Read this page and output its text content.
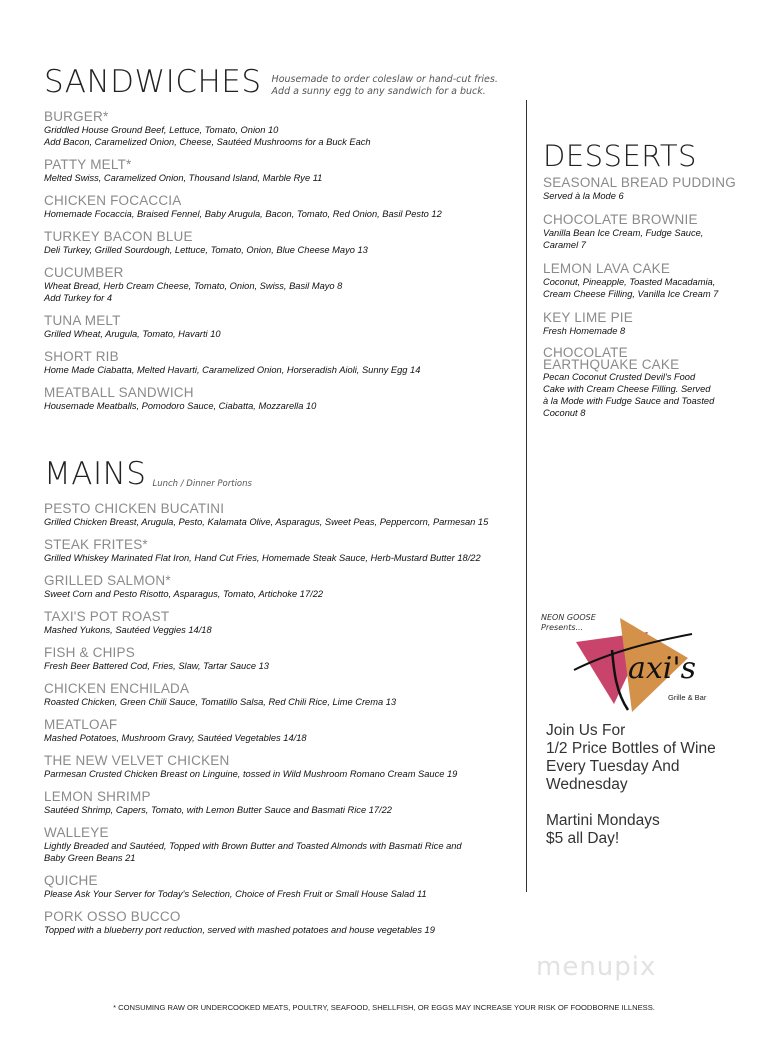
SANDWICHES Housemade to order coleslaw or hand-cut fries.
Add a sunny egg to any sandwich for a buck.
BURGER*
Griddled House Ground Beef, Lettuce, Tomato, Onion 10
Add Bacon, Caramelized Onion, Cheese, Sautéed Mushrooms for a Buck Each
PATTY MELT*
Melted Swiss, Caramelized Onion, Thousand Island, Marble Rye 11
CHICKEN FOCACCIA
Homemade Focaccia, Braised Fennel, Baby Arugula, Bacon, Tomato, Red Onion, Basil Pesto 12
TURKEY BACON BLUE
Deli Turkey, Grilled Sourdough, Lettuce, Tomato, Onion, Blue Cheese Mayo 13
CUCUMBER
Wheat Bread, Herb Cream Cheese, Tomato, Onion, Swiss, Basil Mayo 8
Add Turkey for 4
TUNA MELT
Grilled Wheat, Arugula, Tomato, Havarti 10
SHORT RIB
Home Made Ciabatta, Melted Havarti, Caramelized Onion, Horseradish Aioli, Sunny Egg 14
MEATBALL SANDWICH
Housemade Meatballs, Pomodoro Sauce, Ciabatta, Mozzarella 10
MAINS Lunch / Dinner Portions
PESTO CHICKEN BUCATINI
Grilled Chicken Breast, Arugula, Pesto, Kalamata Olive, Asparagus, Sweet Peas, Peppercorn, Parmesan 15
STEAK FRITES*
Grilled Whiskey Marinated Flat Iron, Hand Cut Fries, Homemade Steak Sauce, Herb-Mustard Butter 18/22
GRILLED SALMON*
Sweet Corn and Pesto Risotto, Asparagus, Tomato, Artichoke 17/22
TAXI'S POT ROAST
Mashed Yukons, Sautéed Veggies 14/18
FISH & CHIPS
Fresh Beer Battered Cod, Fries, Slaw, Tartar Sauce 13
CHICKEN ENCHILADA
Roasted Chicken, Green Chili Sauce, Tomatillo Salsa, Red Chili Rice, Lime Crema 13
MEATLOAF
Mashed Potatoes, Mushroom Gravy, Sautéed Vegetables 14/18
THE NEW VELVET CHICKEN
Parmesan Crusted Chicken Breast on Linguine, tossed in Wild Mushroom Romano Cream Sauce 19
LEMON SHRIMP
Sautéed Shrimp, Capers, Tomato, with Lemon Butter Sauce and Basmati Rice 17/22
WALLEYE
Lightly Breaded and Sautéed, Topped with Brown Butter and Toasted Almonds with Basmati Rice and
Baby Green Beans 21
QUICHE
Please Ask Your Server for Today's Selection, Choice of Fresh Fruit or Small House Salad 11
PORK OSSO BUCCO
Topped with a blueberry port reduction, served with mashed potatoes and house vegetables 19
DESSERTS
SEASONAL BREAD PUDDING
Served à la Mode 6
CHOCOLATE BROWNIE
Vanilla Bean Ice Cream, Fudge Sauce,
Caramel 7
LEMON LAVA CAKE
Coconut, Pineapple, Toasted Macadamia,
Cream Cheese Filling, Vanilla Ice Cream 7
KEY LIME PIE
Fresh Homemade 8
CHOCOLATE
EARTHQUAKE CAKE
Pecan Coconut Crusted Devil's Food
Cake with Cream Cheese Filling. Served
à la Mode with Fudge Sauce and Toasted
Coconut 8
NEON GOOSE
Presents...
axi's
Grille & Bar

Join Us For
1/2 Price Bottles of Wine
Every Tuesday And
Wednesday

Martini Mondays
$5 all Day!

menupix
* CONSUMING RAW OR UNDERCOOKED MEATS, POULTRY, SEAFOOD, SHELLFISH, OR EGGS MAY INCREASE YOUR RISK OF FOODBORNE ILLNESS.
